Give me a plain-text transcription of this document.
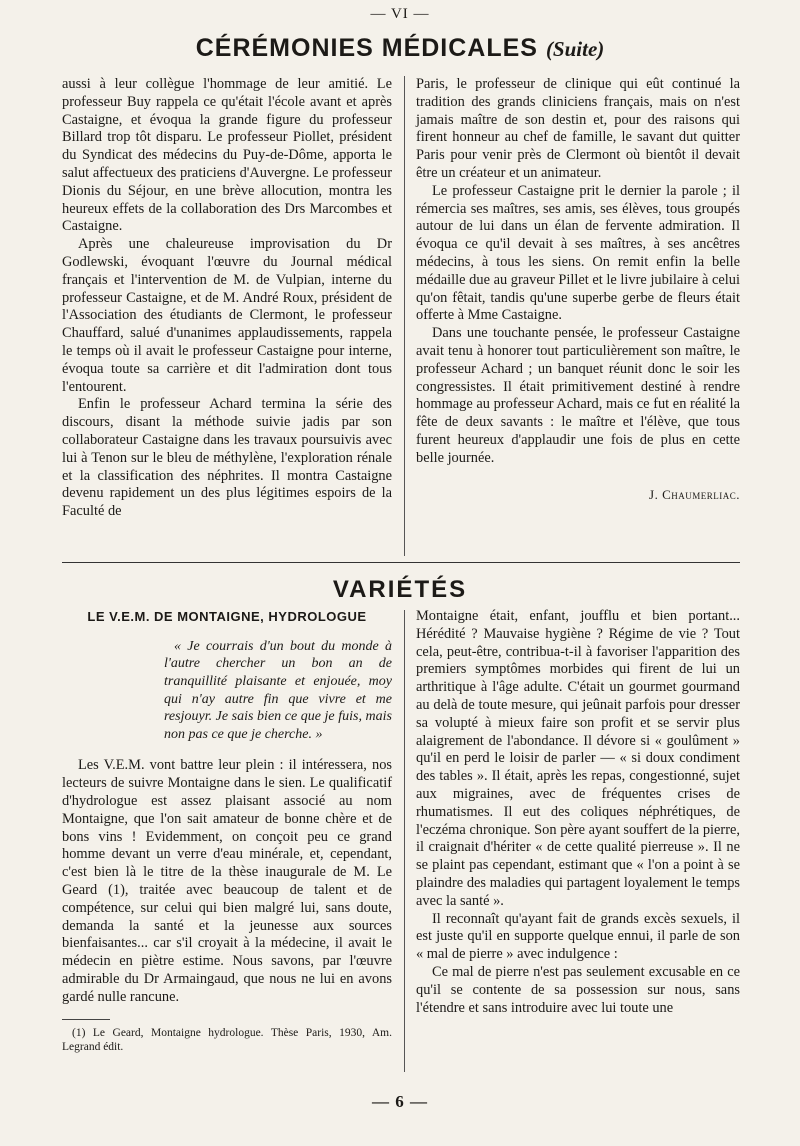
— VI —
CÉRÉMONIES MÉDICALES (Suite)

aussi à leur collègue l'hommage de leur amitié. Le professeur Buy rappela ce qu'était l'école avant et après Castaigne, et évoqua la grande figure du professeur Billard trop tôt disparu. Le professeur Piollet, président du Syndicat des médecins du Puy-de-Dôme, apporta le salut affectueux des praticiens d'Auvergne. Le professeur Dionis du Séjour, en une brève allocution, montra les heureux effets de la collaboration des Drs Marcombes et Castaigne.

Après une chaleureuse improvisation du Dr Godlewski, évoquant l'œuvre du Journal médical français et l'intervention de M. de Vulpian, interne du professeur Castaigne, et de M. André Roux, président de l'Association des étudiants de Clermont, le professeur Chauffard, salué d'unanimes applaudissements, rappela le temps où il avait le professeur Castaigne pour interne, évoqua toute sa carrière et dit l'admiration dont tous l'entourent.

Enfin le professeur Achard termina la série des discours, disant la méthode suivie jadis par son collaborateur Castaigne dans les travaux poursuivis avec lui à Tenon sur le bleu de méthylène, l'exploration rénale et la classification des néphrites. Il montra Castaigne devenu rapidement un des plus légitimes espoirs de la Faculté de

Paris, le professeur de clinique qui eût continué la tradition des grands cliniciens français, mais on n'est jamais maître de son destin et, pour des raisons qui firent honneur au chef de famille, le savant dut quitter Paris pour venir près de Clermont où bientôt il devait être un créateur et un animateur.

Le professeur Castaigne prit le dernier la parole ; il rémercia ses maîtres, ses amis, ses élèves, tous groupés autour de lui dans un élan de fervente admiration. Il évoqua ce qu'il devait à ses maîtres, à ses ancêtres médecins, à tous les siens. On remit enfin la belle médaille due au graveur Pillet et le livre jubilaire à celui qu'on fêtait, tandis qu'une superbe gerbe de fleurs était offerte à Mme Castaigne.

Dans une touchante pensée, le professeur Castaigne avait tenu à honorer tout particulièrement son maître, le professeur Achard ; un banquet réunit donc le soir les congressistes. Il était primitivement destiné à rendre hommage au professeur Achard, mais ce fut en réalité la fête de deux savants : le maître et l'élève, que tous furent heureux d'applaudir une fois de plus en cette belle journée.

J. Chaumerliac.

VARIÉTÉS

LE V.E.M. DE MONTAIGNE, HYDROLOGUE

« Je courrais d'un bout du monde à l'autre chercher un bon an de tranquillité plaisante et enjouée, moy qui n'ay autre fin que vivre et me resjouyr. Je sais bien ce que je fuis, mais non pas ce que je cherche. »

Les V.E.M. vont battre leur plein : il intéressera, nos lecteurs de suivre Montaigne dans le sien. Le qualificatif d'hydrologue est assez plaisant associé au nom Montaigne, que l'on sait amateur de bonne chère et de bons vins ! Evidemment, on conçoit peu ce grand homme devant un verre d'eau minérale, et, cependant, c'est bien là le titre de la thèse inaugurale de M. Le Geard (1), traitée avec beaucoup de talent et de compétence, sur celui qui bien malgré lui, sans doute, demanda la santé et la jeunesse aux sources bienfaisantes... car s'il croyait à la médecine, il avait le médecin en piètre estime. Nous savons, par l'œuvre admirable du Dr Armaingaud, que nous ne lui en avons gardé nulle rancune.

(1) Le Geard, Montaigne hydrologue. Thèse Paris, 1930, Am. Legrand édit.

Montaigne était, enfant, joufflu et bien portant... Hérédité ? Mauvaise hygiène ? Régime de vie ? Tout cela, peut-être, contribua-t-il à favoriser l'apparition des premiers symptômes morbides qui firent de lui un arthritique à l'âge adulte. C'était un gourmet gourmand au delà de toute mesure, qui jeûnait parfois pour dresser sa volupté à mieux faire son profit et se servir plus alaigrement de l'abondance. Il dévore si « goulûment » qu'il en perd le loisir de parler — « si doux condiment des tables ». Il était, après les repas, congestionné, sujet aux migraines, avec de fréquentes crises de rhumatismes. Il eut des coliques néphrétiques, de l'eczéma chronique. Son père ayant souffert de la pierre, il craignait d'hériter « de cette qualité pierreuse ». Il ne se plaint pas cependant, estimant que « l'on a point à se plaindre des maladies qui partagent loyalement le temps avec la santé ».

Il reconnaît qu'ayant fait de grands excès sexuels, il est juste qu'il en supporte quelque ennui, il parle de son « mal de pierre » avec indulgence :

Ce mal de pierre n'est pas seulement excusable en ce qu'il se contente de sa possession sur nous, sans l'étendre et sans introduire avec lui toute une

— 6 —
